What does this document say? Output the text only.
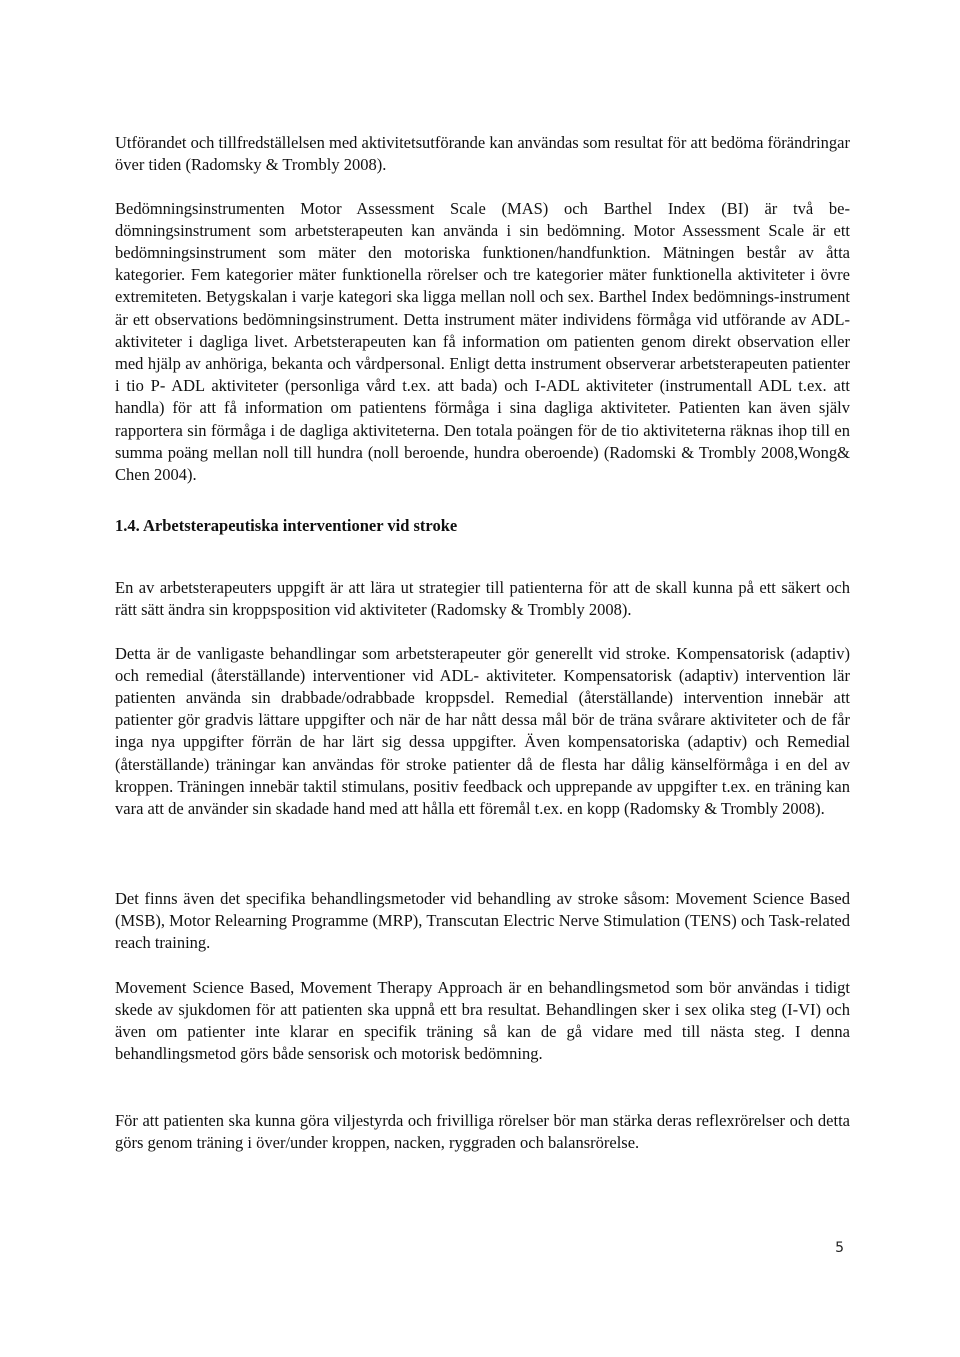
Utförandet och tillfredställelsen med aktivitetsutförande kan användas som resultat för att bedöma förändringar över tiden (Radomsky & Trombly 2008).

Bedömningsinstrumenten Motor Assessment Scale (MAS) och Barthel Index (BI) är två bedömningsinstrument som arbetsterapeuten kan använda i sin bedömning. Motor Assessment Scale är ett bedömningsinstrument som mäter den motoriska funktionen/handfunktion. Mätningen består av åtta kategorier. Fem kategorier mäter funktionella rörelser och tre kategorier mäter funktionella aktiviteter i övre extremiteten. Betygskalan i varje kategori ska ligga mellan noll och sex. Barthel Index bedömnings-instrument är ett observations bedömningsinstrument. Detta instrument mäter individens förmåga vid utförande av ADL- aktiviteter i dagliga livet. Arbetsterapeuten kan få information om patienten genom direkt observation eller med hjälp av anhöriga, bekanta och vårdpersonal. Enligt detta instrument observerar arbetsterapeuten patienter i tio P- ADL aktiviteter (personliga vård t.ex. att bada) och I-ADL aktiviteter (instrumentall ADL t.ex. att handla) för att få information om patientens förmåga i sina dagliga aktiviteter. Patienten kan även själv rapportera sin förmåga i de dagliga aktiviteterna. Den totala poängen för de tio aktiviteterna räknas ihop till en summa poäng mellan noll till hundra (noll beroende, hundra oberoende) (Radomski & Trombly 2008,Wong& Chen 2004).

1.4. Arbetsterapeutiska interventioner vid stroke

En av arbetsterapeuters uppgift är att lära ut strategier till patienterna för att de skall kunna på ett säkert och rätt sätt ändra sin kroppsposition vid aktiviteter (Radomsky & Trombly 2008).

Detta är de vanligaste behandlingar som arbetsterapeuter gör generellt vid stroke. Kompensatorisk (adaptiv) och remedial (återställande) interventioner vid ADL- aktiviteter. Kompensatorisk (adaptiv) intervention lär patienten använda sin drabbade/odrabbade kroppsdel. Remedial (återställande) intervention innebär att patienter gör gradvis lättare uppgifter och när de har nått dessa mål bör de träna svårare aktiviteter och de får inga nya uppgifter förrän de har lärt sig dessa uppgifter. Även kompensatoriska (adaptiv) och Remedial (återställande) träningar kan användas för stroke patienter då de flesta har dålig känselförmåga i en del av kroppen. Träningen innebär taktil stimulans, positiv feedback och upprepande av uppgifter t.ex. en träning kan vara att de använder sin skadade hand med att hålla ett föremål t.ex. en kopp (Radomsky & Trombly 2008).

Det finns även det specifika behandlingsmetoder vid behandling av stroke såsom: Movement Science Based (MSB), Motor Relearning Programme (MRP), Transcutan Electric Nerve Stimulation (TENS) och Task-related reach training.

Movement Science Based, Movement Therapy Approach är en behandlingsmetod som bör användas i tidigt skede av sjukdomen för att patienten ska uppnå ett bra resultat. Behandlingen sker i sex olika steg (I-VI) och även om patienter inte klarar en specifik träning så kan de gå vidare med till nästa steg. I denna behandlingsmetod görs både sensorisk och motorisk bedömning.

För att patienten ska kunna göra viljestyrda och frivilliga rörelser bör man stärka deras reflexrörelser och detta görs genom träning i över/under kroppen, nacken, ryggraden och balansrörelse.

5
